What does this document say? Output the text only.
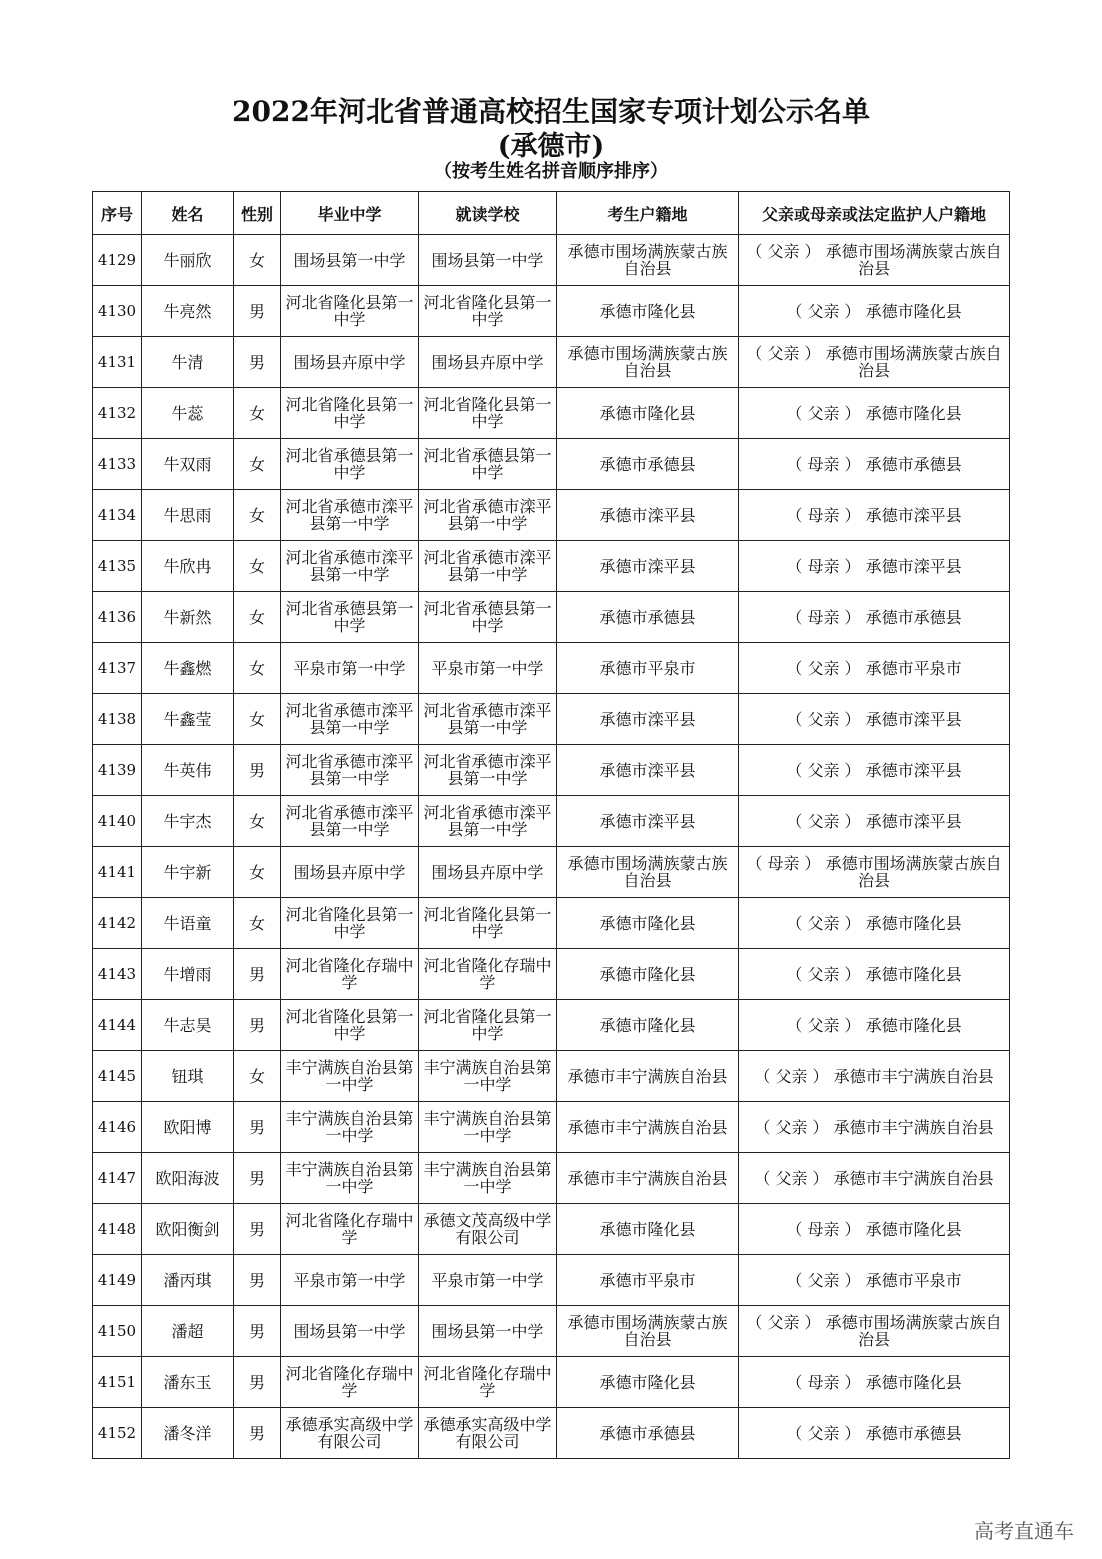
2022年河北省普通高校招生国家专项计划公示名单
(承德市)
（按考生姓名拼音顺序排序）
序号	姓名	性别	毕业中学	就读学校	考生户籍地	父亲或母亲或法定监护人户籍地
4129	牛丽欣	女	围场县第一中学	围场县第一中学	承德市围场满族蒙古族自治县	（ 父亲 ） 承德市围场满族蒙古族自治县
4130	牛亮然	男	河北省隆化县第一中学	河北省隆化县第一中学	承德市隆化县	（ 父亲 ） 承德市隆化县
4131	牛清	男	围场县卉原中学	围场县卉原中学	承德市围场满族蒙古族自治县	（ 父亲 ） 承德市围场满族蒙古族自治县
4132	牛蕊	女	河北省隆化县第一中学	河北省隆化县第一中学	承德市隆化县	（ 父亲 ） 承德市隆化县
4133	牛双雨	女	河北省承德县第一中学	河北省承德县第一中学	承德市承德县	（ 母亲 ） 承德市承德县
4134	牛思雨	女	河北省承德市滦平县第一中学	河北省承德市滦平县第一中学	承德市滦平县	（ 母亲 ） 承德市滦平县
4135	牛欣冉	女	河北省承德市滦平县第一中学	河北省承德市滦平县第一中学	承德市滦平县	（ 母亲 ） 承德市滦平县
4136	牛新然	女	河北省承德县第一中学	河北省承德县第一中学	承德市承德县	（ 母亲 ） 承德市承德县
4137	牛鑫燃	女	平泉市第一中学	平泉市第一中学	承德市平泉市	（ 父亲 ） 承德市平泉市
4138	牛鑫莹	女	河北省承德市滦平县第一中学	河北省承德市滦平县第一中学	承德市滦平县	（ 父亲 ） 承德市滦平县
4139	牛英伟	男	河北省承德市滦平县第一中学	河北省承德市滦平县第一中学	承德市滦平县	（ 父亲 ） 承德市滦平县
4140	牛宇杰	女	河北省承德市滦平县第一中学	河北省承德市滦平县第一中学	承德市滦平县	（ 父亲 ） 承德市滦平县
4141	牛宇新	女	围场县卉原中学	围场县卉原中学	承德市围场满族蒙古族自治县	（ 母亲 ） 承德市围场满族蒙古族自治县
4142	牛语童	女	河北省隆化县第一中学	河北省隆化县第一中学	承德市隆化县	（ 父亲 ） 承德市隆化县
4143	牛增雨	男	河北省隆化存瑞中学	河北省隆化存瑞中学	承德市隆化县	（ 父亲 ） 承德市隆化县
4144	牛志昊	男	河北省隆化县第一中学	河北省隆化县第一中学	承德市隆化县	（ 父亲 ） 承德市隆化县
4145	钮琪	女	丰宁满族自治县第一中学	丰宁满族自治县第一中学	承德市丰宁满族自治县	（ 父亲 ） 承德市丰宁满族自治县
4146	欧阳博	男	丰宁满族自治县第一中学	丰宁满族自治县第一中学	承德市丰宁满族自治县	（ 父亲 ） 承德市丰宁满族自治县
4147	欧阳海波	男	丰宁满族自治县第一中学	丰宁满族自治县第一中学	承德市丰宁满族自治县	（ 父亲 ） 承德市丰宁满族自治县
4148	欧阳衡剑	男	河北省隆化存瑞中学	承德文茂高级中学有限公司	承德市隆化县	（ 母亲 ） 承德市隆化县
4149	潘丙琪	男	平泉市第一中学	平泉市第一中学	承德市平泉市	（ 父亲 ） 承德市平泉市
4150	潘超	男	围场县第一中学	围场县第一中学	承德市围场满族蒙古族自治县	（ 父亲 ） 承德市围场满族蒙古族自治县
4151	潘东玉	男	河北省隆化存瑞中学	河北省隆化存瑞中学	承德市隆化县	（ 母亲 ） 承德市隆化县
4152	潘冬洋	男	承德承实高级中学有限公司	承德承实高级中学有限公司	承德市承德县	（ 父亲 ） 承德市承德县
高考直通车
